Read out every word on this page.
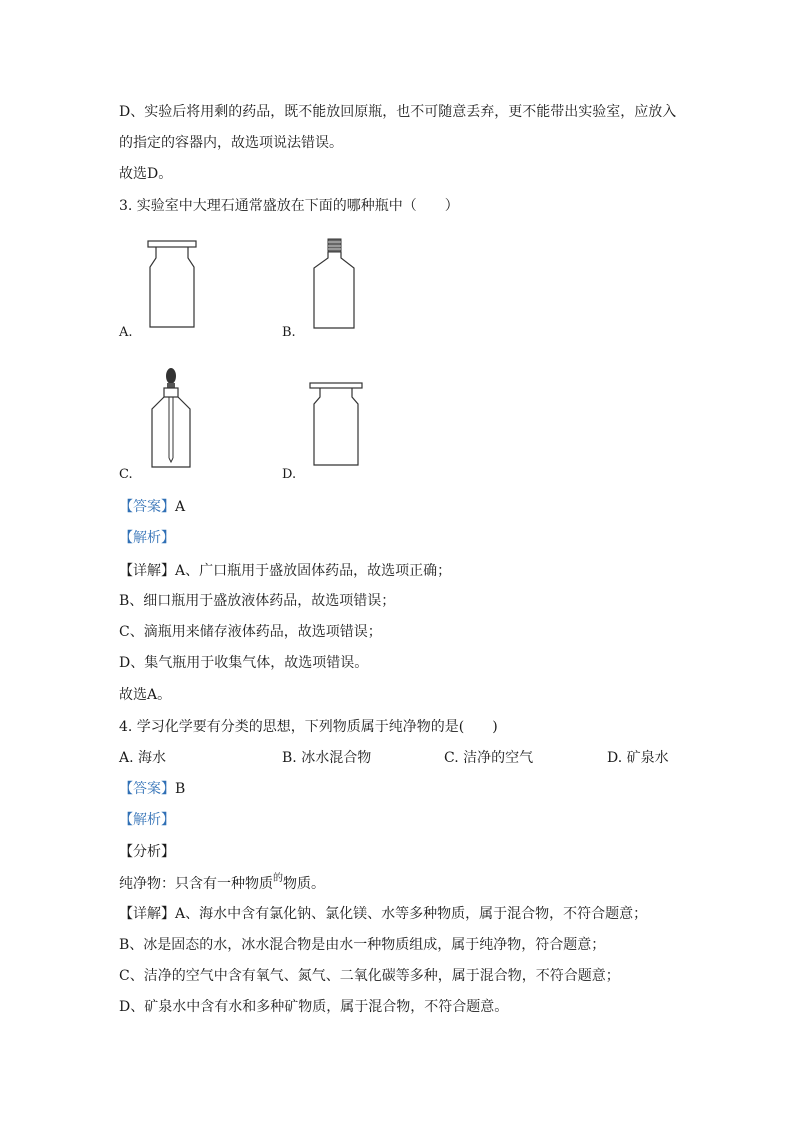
D、实验后将用剩的药品，既不能放回原瓶，也不可随意丢弃，更不能带出实验室，应放入
的指定的容器内，故选项说法错误。
故选D。
3. 实验室中大理石通常盛放在下面的哪种瓶中（　　）
A.	B.
C.	D.
【答案】A
【解析】
【详解】A、广口瓶用于盛放固体药品，故选项正确；
B、细口瓶用于盛放液体药品，故选项错误；
C、滴瓶用来储存液体药品，故选项错误；
D、集气瓶用于收集气体，故选项错误。
故选A。
4. 学习化学要有分类的思想，下列物质属于纯净物的是(　　)
A. 海水	B. 冰水混合物	C. 洁净的空气	D. 矿泉水
【答案】B
【解析】
【分析】
纯净物：只含有一种物质$^的$物质。
【详解】A、海水中含有氯化钠、氯化镁、水等多种物质，属于混合物，不符合题意；
B、冰是固态的水，冰水混合物是由水一种物质组成，属于纯净物，符合题意；
C、洁净的空气中含有氧气、氮气、二氧化碳等多种，属于混合物，不符合题意；
D、矿泉水中含有水和多种矿物质，属于混合物，不符合题意。
